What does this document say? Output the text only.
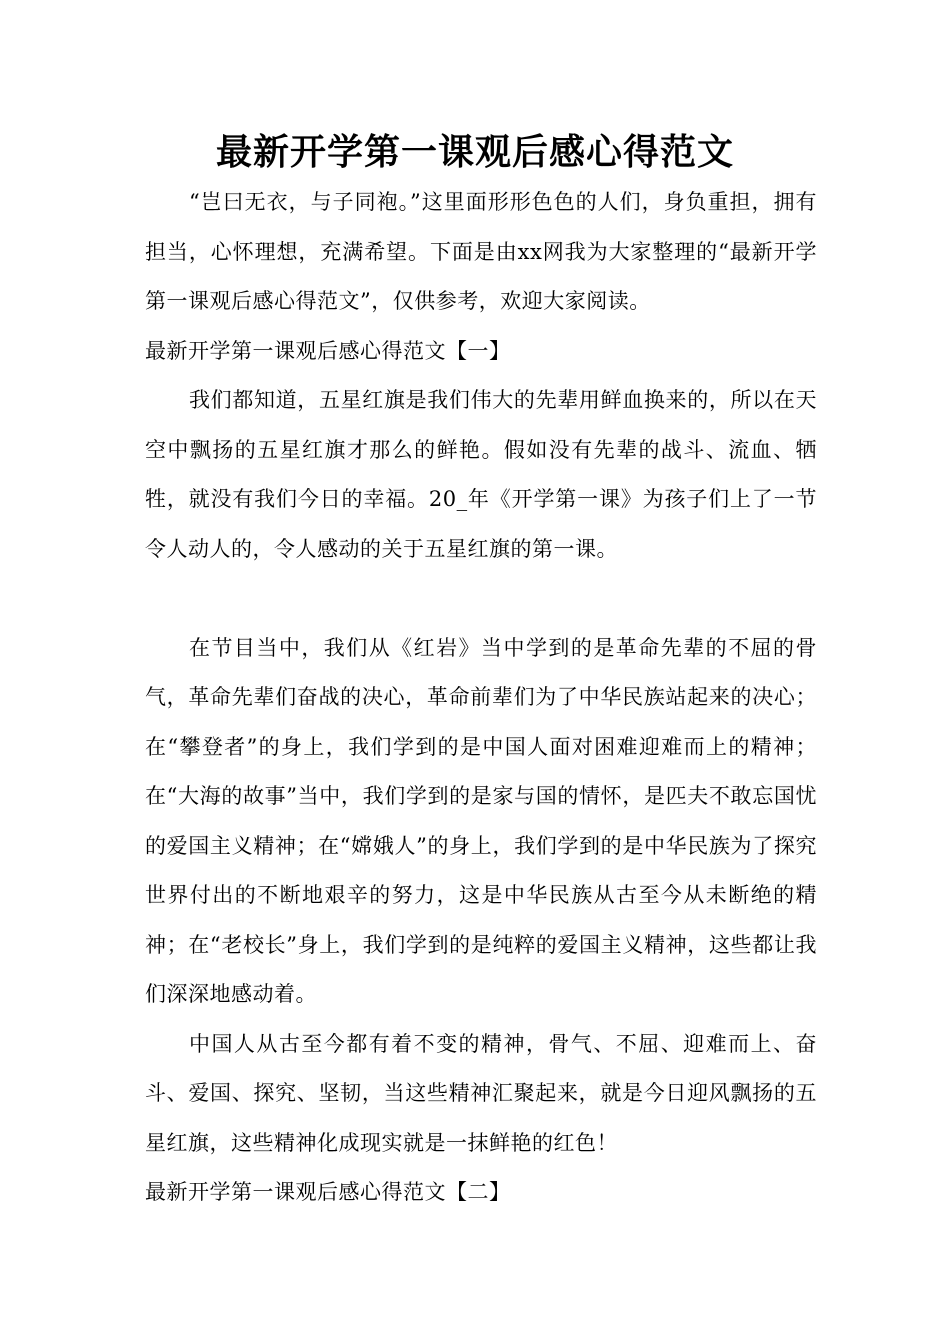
最新开学第一课观后感心得范文

“岂曰无衣，与子同袍。”这里面形形色色的人们，身负重担，拥有担当，心怀理想，充满希望。下面是由xx网我为大家整理的“最新开学第一课观后感心得范文”，仅供参考，欢迎大家阅读。

最新开学第一课观后感心得范文【一】

我们都知道，五星红旗是我们伟大的先辈用鲜血换来的，所以在天空中飘扬的五星红旗才那么的鲜艳。假如没有先辈的战斗、流血、牺牲，就没有我们今日的幸福。20_年《开学第一课》为孩子们上了一节令人动人的，令人感动的关于五星红旗的第一课。

在节目当中，我们从《红岩》当中学到的是革命先辈的不屈的骨气，革命先辈们奋战的决心，革命前辈们为了中华民族站起来的决心；在“攀登者”的身上，我们学到的是中国人面对困难迎难而上的精神；在“大海的故事”当中，我们学到的是家与国的情怀，是匹夫不敢忘国忧的爱国主义精神；在“嫦娥人”的身上，我们学到的是中华民族为了探究世界付出的不断地艰辛的努力，这是中华民族从古至今从未断绝的精神；在“老校长”身上，我们学到的是纯粹的爱国主义精神，这些都让我们深深地感动着。

中国人从古至今都有着不变的精神，骨气、不屈、迎难而上、奋斗、爱国、探究、坚韧，当这些精神汇聚起来，就是今日迎风飘扬的五星红旗，这些精神化成现实就是一抹鲜艳的红色！

最新开学第一课观后感心得范文【二】
